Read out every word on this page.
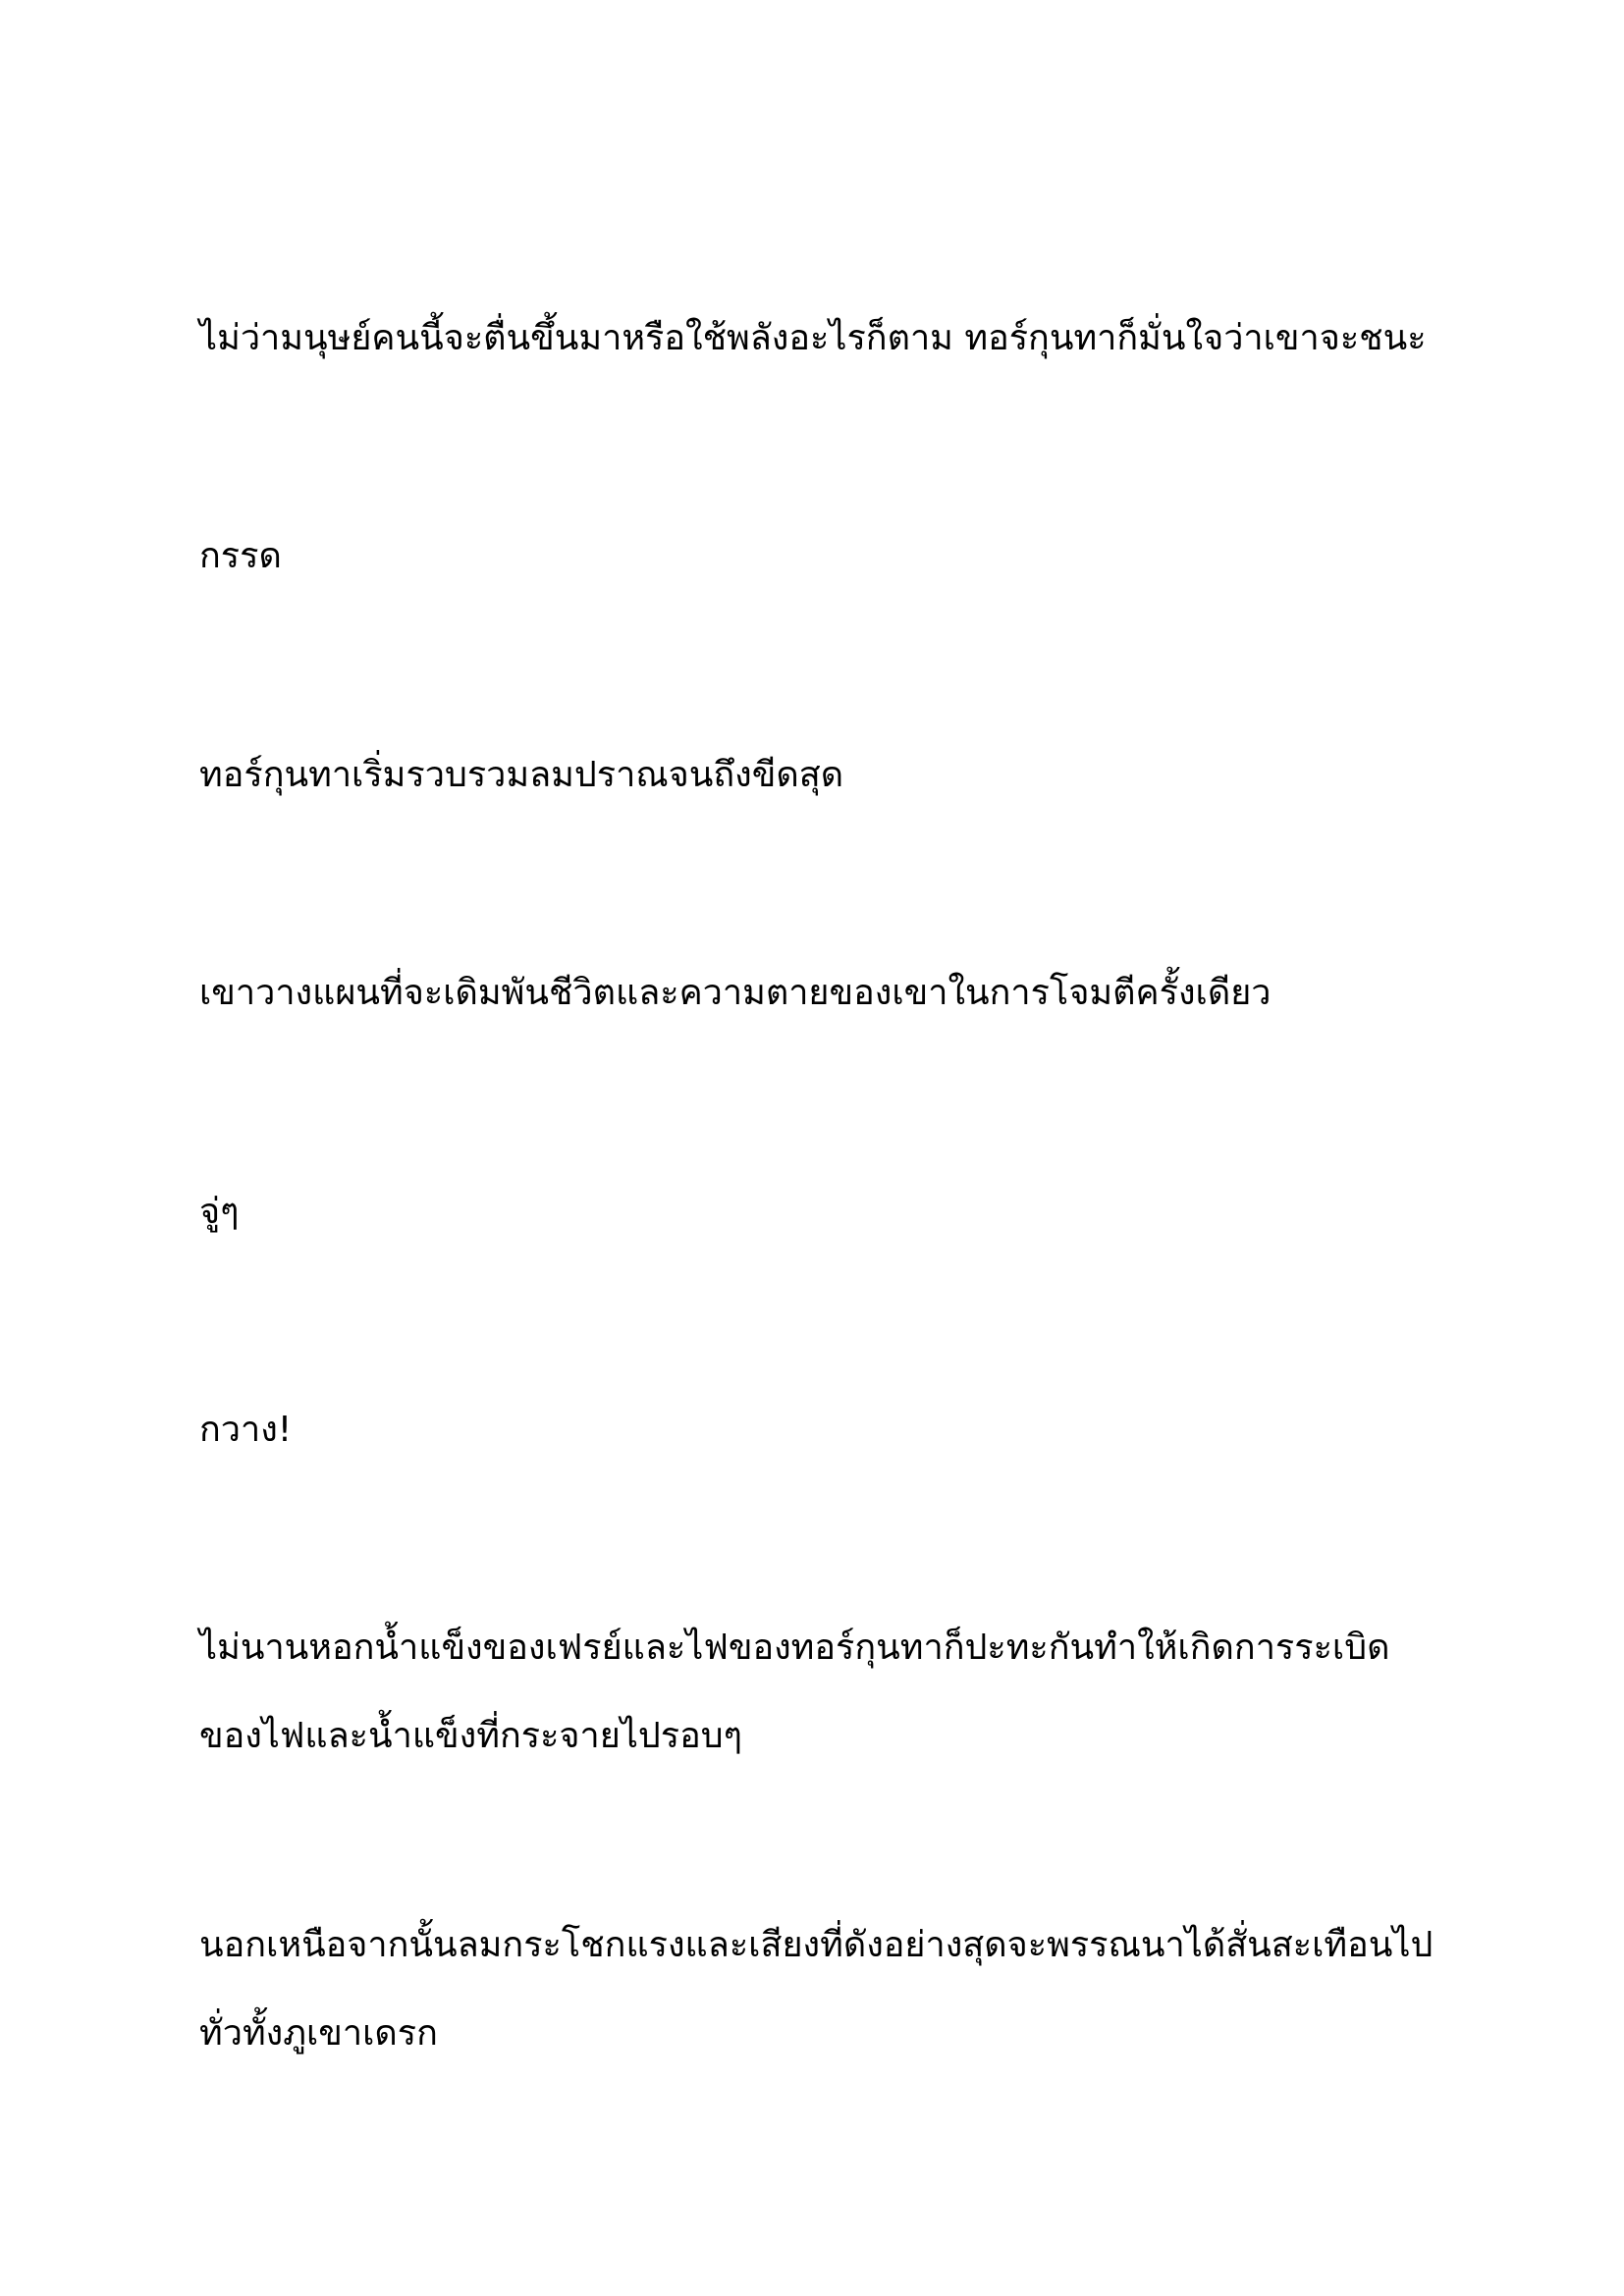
ไม่ว่ามนุษย์คนนี้จะตื่นขึ้นมาหรือใช้พลังอะไรก็ตาม ทอร์กุนทาก็มั่นใจว่าเขาจะชนะ

กรรด

ทอร์กุนทาเริ่มรวบรวมลมปราณจนถึงขีดสุด

เขาวางแผนที่จะเดิมพันชีวิตและความตายของเขาในการโจมตีครั้งเดียว

จู่ๆ

กวาง!

ไม่นานหอกน้ำแข็งของเฟรย์และไฟของทอร์กุนทาก็ปะทะกันทำให้เกิดการระเบิดของไฟและน้ำแข็งที่กระจายไปรอบๆ

นอกเหนือจากนั้นลมกระโชกแรงและเสียงที่ดังอย่างสุดจะพรรณนาได้สั่นสะเทือนไปทั่วทั้งภูเขาเดรก
